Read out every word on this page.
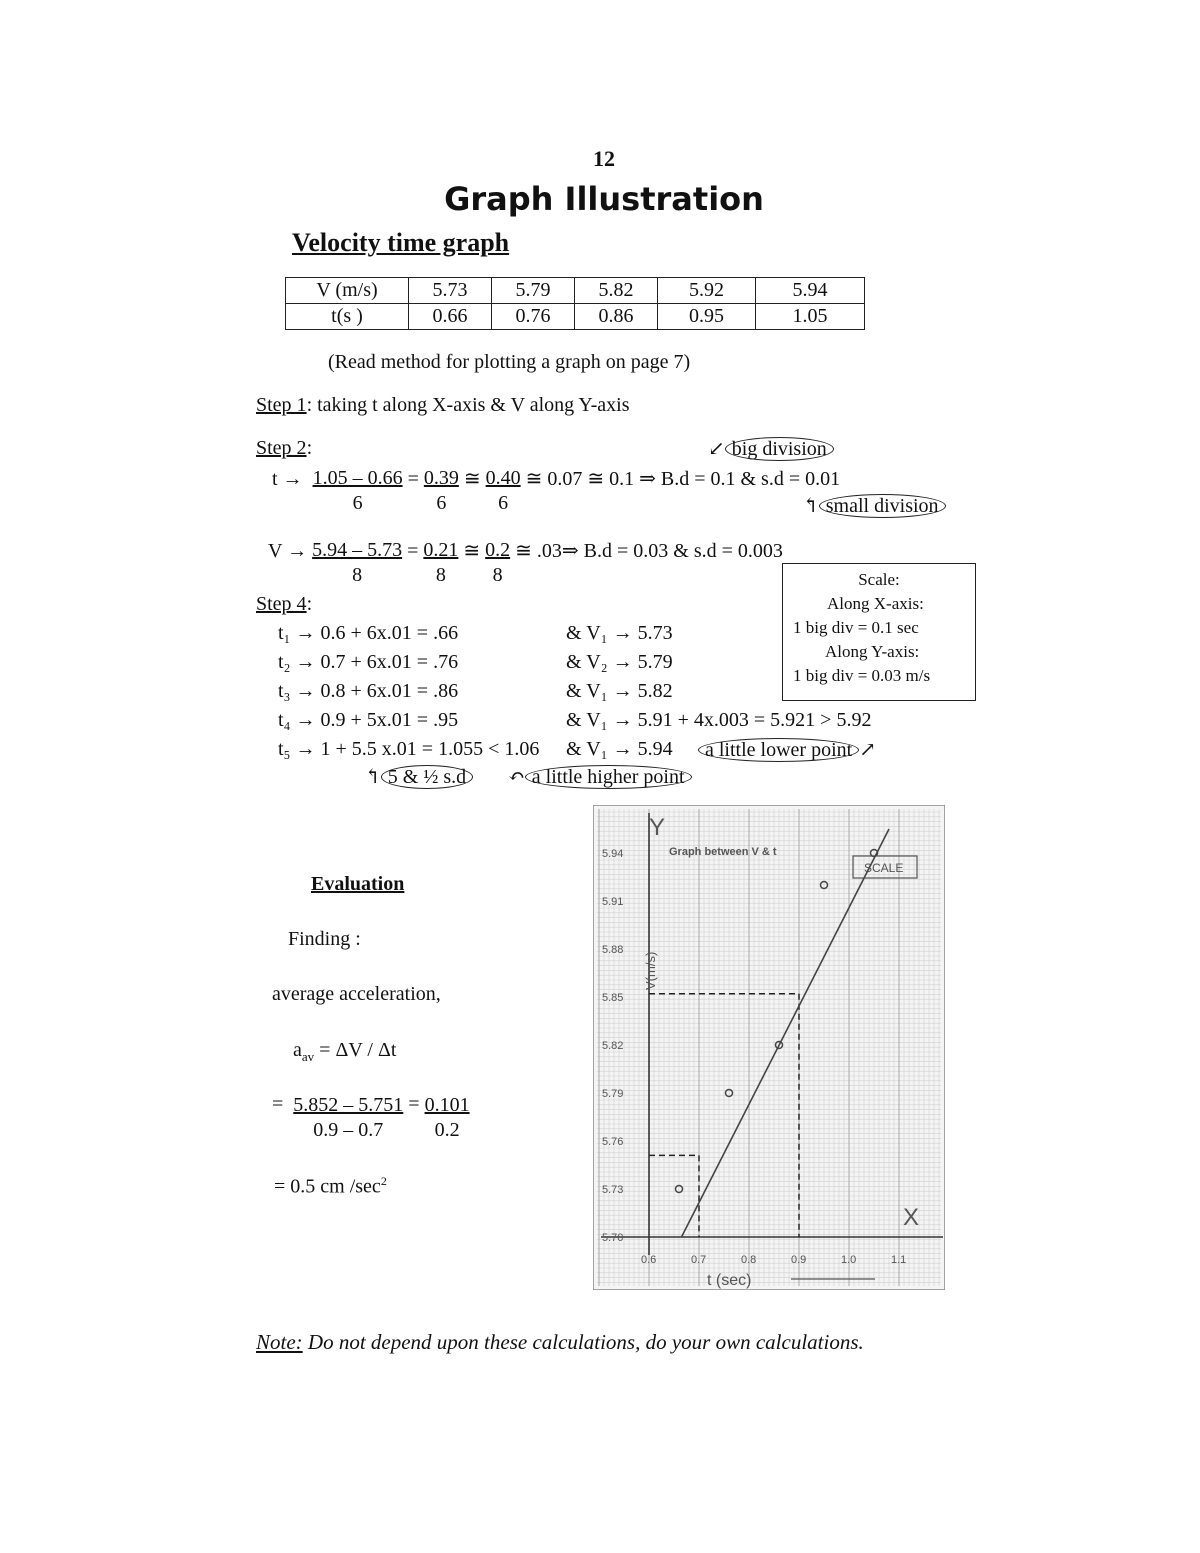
12
Graph Illustration
Velocity time graph
V (m/s)	5.73	5.79	5.82	5.92	5.94
t(s )	0.66	0.76	0.86	0.95	1.05
(Read method for plotting a graph on page 7)
Step 1: taking t along X-axis & V along Y-axis
Step 2:	↙ big division
$t \to \frac{1.05 - 0.66}{6} = \frac{0.39}{6}$ ≅ $\frac{0.40}{6}$ ≅ 0.07 ≅ 0.1 ⇒ B.d = 0.1 & s.d = 0.01
↰ small division
$V \to \frac{5.94 - 5.73}{8} = \frac{0.21}{8}$ ≅ $\frac{0.2}{8}$ ≅ .03⇒ B.d = 0.03 & s.d = 0.003
Scale:
Along X-axis:
1 big div = 0.1 sec
Along Y-axis:
1 big div = 0.03 m/s
Step 4:
t₁ → 0.6 + 6x.01 = .66	& V₁ → 5.73
t₂ → 0.7 + 6x.01 = .76	& V₂ → 5.79
t₃ → 0.8 + 6x.01 = .86	& V₁ → 5.82
t₄ → 0.9 + 5x.01 = .95	& V₁ → 5.91 + 4x.003 = 5.921 > 5.92
t₅ → 1 + 5.5 x.01 = 1.055 < 1.06 & V₁ → 5.94	a little lower point ↗
↰ 5 & ½ s.d	↶ a little higher point
Evaluation
Finding :
average acceleration,
$a_{av} = \Delta V / \Delta t$
= $\frac{5.852 - 5.751}{0.9 - 0.7} = \frac{0.101}{0.2}$
= 0.5 cm $/\sec^2$
Y
X
Graph between V & t
SCALE
V(m/s)
t (sec)
5.70
5.73
5.76
5.79
5.82
5.85
5.88
5.91
5.94
0.6	0.7	0.8	0.9	1.0	1.1
Note: Do not depend upon these calculations, do your own calculations.
